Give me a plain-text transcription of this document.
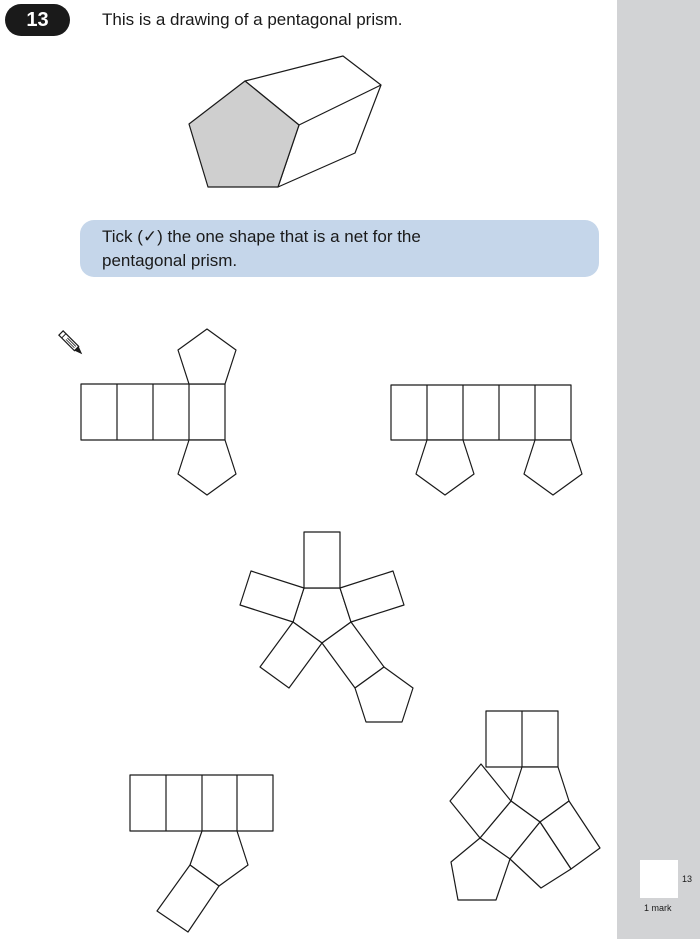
13	This is a drawing of a pentagonal prism.
Tick (✓) the one shape that is a net for the
pentagonal prism.
13
1 mark
